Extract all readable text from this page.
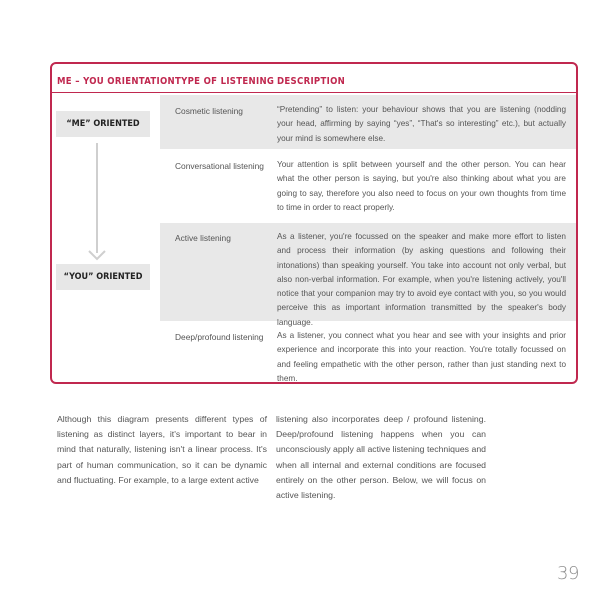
ME – YOU ORIENTATION TYPE OF LISTENING DESCRIPTION
“ME” ORIENTED
“YOU” ORIENTED
Cosmetic listening	“Pretending” to listen: your behaviour shows that you are listening (nodding your head, affirming by saying “yes”, “That's so interesting” etc.), but actually your mind is somewhere else.
Conversational listening Your attention is split between yourself and the other person. You can hear what the other person is saying, but you're also thinking about what you are going to say, therefore you also need to focus on your own thoughts from time to time in order to react properly.
Active listening	As a listener, you're focussed on the speaker and make more effort to listen and process their information (by asking questions and following their intonations) than speaking yourself. You take into account not only verbal, but also non-verbal information. For example, when you're listening actively, you'll notice that your companion may try to avoid eye contact with you, so you would perceive this as important information transmitted by the speaker's body language.
Deep/profound listening As a listener, you connect what you hear and see with your insights and prior experience and incorporate this into your reaction. You're totally focussed on and feeling empathetic with the other person, rather than just standing next to them.
Although this diagram presents different types of listening as distinct layers, it's important to bear in mind that naturally, listening isn't a linear process. It's part of human communication, so it can be dynamic and fluctuating. For example, to a large extent active
listening also incorporates deep / profound listening. Deep/profound listening happens when you can unconsciously apply all active listening techniques and when all internal and external conditions are focused entirely on the other person. Below, we will focus on active listening.
39
